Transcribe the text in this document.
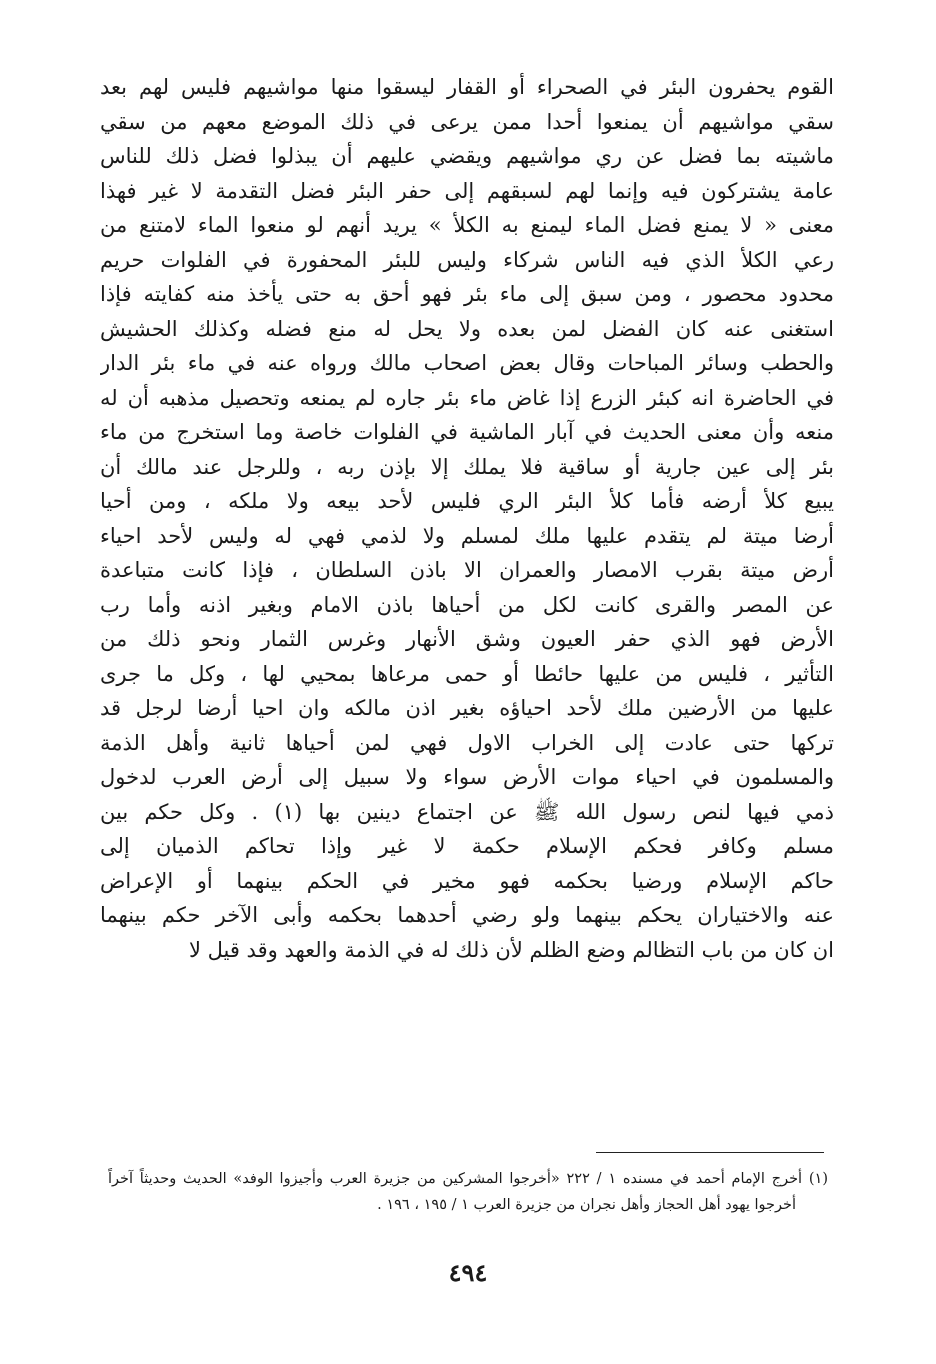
القوم يحفرون البئر في الصحراء أو القفار ليسقوا منها مواشيهم فليس لهم بعد
سقي مواشيهم أن يمنعوا أحدا ممن يرعى في ذلك الموضع معهم من سقي
ماشيته بما فضل عن ري مواشيهم ويقضي عليهم أن يبذلوا فضل ذلك للناس
عامة يشتركون فيه وإنما لهم لسبقهم إلى حفر البئر فضل التقدمة لا غير فهذا
معنى « لا يمنع فضل الماء ليمنع به الكلأ » يريد أنهم لو منعوا الماء لامتنع من
رعي الكلأ الذي فيه الناس شركاء وليس للبئر المحفورة في الفلوات حريم
محدود محصور ، ومن سبق إلى ماء بئر فهو أحق به حتى يأخذ منه كفايته فإذا
استغنى عنه كان الفضل لمن بعده ولا يحل له منع فضله وكذلك الحشيش
والحطب وسائر المباحات وقال بعض اصحاب مالك ورواه عنه في ماء بئر الدار
في الحاضرة انه كبئر الزرع إذا غاض ماء بئر جاره لم يمنعه وتحصيل مذهبه أن له
منعه وأن معنى الحديث في آبار الماشية في الفلوات خاصة وما استخرج من ماء
بئر إلى عين جارية أو ساقية فلا يملك إلا بإذن ربه ، وللرجل عند مالك أن
يبيع كلأ أرضه فأما كلأ البئر الري فليس لأحد بيعه ولا ملكه ، ومن أحيا
أرضا ميتة لم يتقدم عليها ملك لمسلم ولا لذمي فهي له وليس لأحد احياء
أرض ميتة بقرب الامصار والعمران الا باذن السلطان ، فإذا كانت متباعدة
عن المصر والقرى كانت لكل من أحياها باذن الامام وبغير اذنه وأما رب
الأرض فهو الذي حفر العيون وشق الأنهار وغرس الثمار ونحو ذلك من
التأثير ، فليس من عليها حائطا أو حمى مرعاها بمحيي لها ، وكل ما جرى
عليها من الأرضين ملك لأحد احياؤه بغير اذن مالكه وان احيا أرضا لرجل قد
تركها حتى عادت إلى الخراب الاول فهي لمن أحياها ثانية وأهل الذمة
والمسلمون في احياء موات الأرض سواء ولا سبيل إلى أرض العرب لدخول
ذمي فيها لنص رسول الله ﷺ عن اجتماع دينين بها (١) . وكل حكم بين
مسلم وكافر فحكم الإسلام حكمة لا غير وإذا تحاكم الذميان إلى
حاكم الإسلام ورضيا بحكمه فهو مخير في الحكم بينهما أو الإعراض
عنه والاختياران يحكم بينهما ولو رضي أحدهما بحكمه وأبى الآخر حكم بينهما
ان كان من باب التظالم وضع الظلم لأن ذلك له في الذمة والعهد وقد قيل لا
(١) أخرج الإمام أحمد في مسنده ١ / ٢٢٢ «أخرجوا المشركين من جزيرة العرب وأجيزوا الوفد» الحديث وحديثاً آخراً
أخرجوا يهود أهل الحجاز وأهل نجران من جزيرة العرب ١ / ١٩٥ ، ١٩٦ .
٤٩٤
